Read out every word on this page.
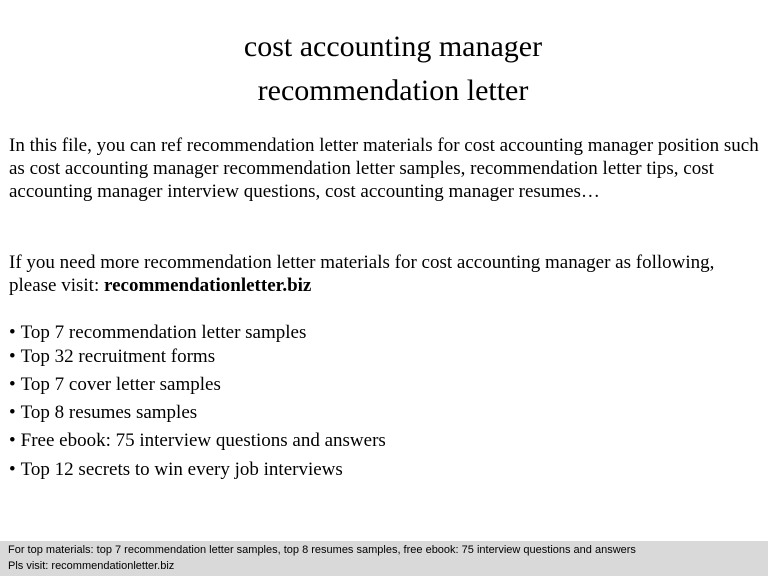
cost accounting manager
recommendation letter

In this file, you can ref recommendation letter materials for cost accounting manager position such as cost accounting manager recommendation letter samples, recommendation letter tips, cost accounting manager interview questions, cost accounting manager resumes…

If you need more recommendation letter materials for cost accounting manager as following, please visit: recommendationletter.biz

• Top 7 recommendation letter samples
• Top 32 recruitment forms
• Top 7 cover letter samples
• Top 8 resumes samples
• Free ebook: 75 interview questions and answers
• Top 12 secrets to win every job interviews
For top materials: top 7 recommendation letter samples, top 8 resumes samples, free ebook: 75 interview questions and answers
Pls visit: recommendationletter.biz
